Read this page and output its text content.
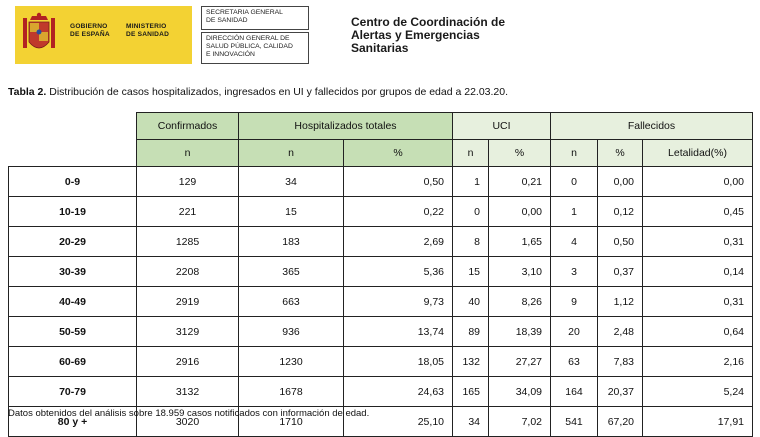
GOBIERNO
DE ESPAÑA
MINISTERIO
DE SANIDAD
SECRETARIA GENERAL
DE SANIDAD
DIRECCIÓN GENERAL DE
SALUD PÚBLICA, CALIDAD
E INNOVACIÓN
Centro de Coordinación de
Alertas y Emergencias
Sanitarias
Tabla 2. Distribución de casos hospitalizados, ingresados en UI y fallecidos por grupos de edad a 22.03.20.
	Confirmados	Hospitalizados totales		UCI		Fallecidos		
	n	n	%	n	%	n	%	Letalidad(%)
0-9	129	34	0,50	1	0,21	0	0,00	0,00
10-19	221	15	0,22	0	0,00	1	0,12	0,45
20-29	1285	183	2,69	8	1,65	4	0,50	0,31
30-39	2208	365	5,36	15	3,10	3	0,37	0,14
40-49	2919	663	9,73	40	8,26	9	1,12	0,31
50-59	3129	936	13,74	89	18,39	20	2,48	0,64
60-69	2916	1230	18,05	132	27,27	63	7,83	2,16
70-79	3132	1678	24,63	165	34,09	164	20,37	5,24
80 y +	3020	1710	25,10	34	7,02	541	67,20	17,91
Datos obtenidos del análisis sobre 18.959 casos notificados con información de edad.
